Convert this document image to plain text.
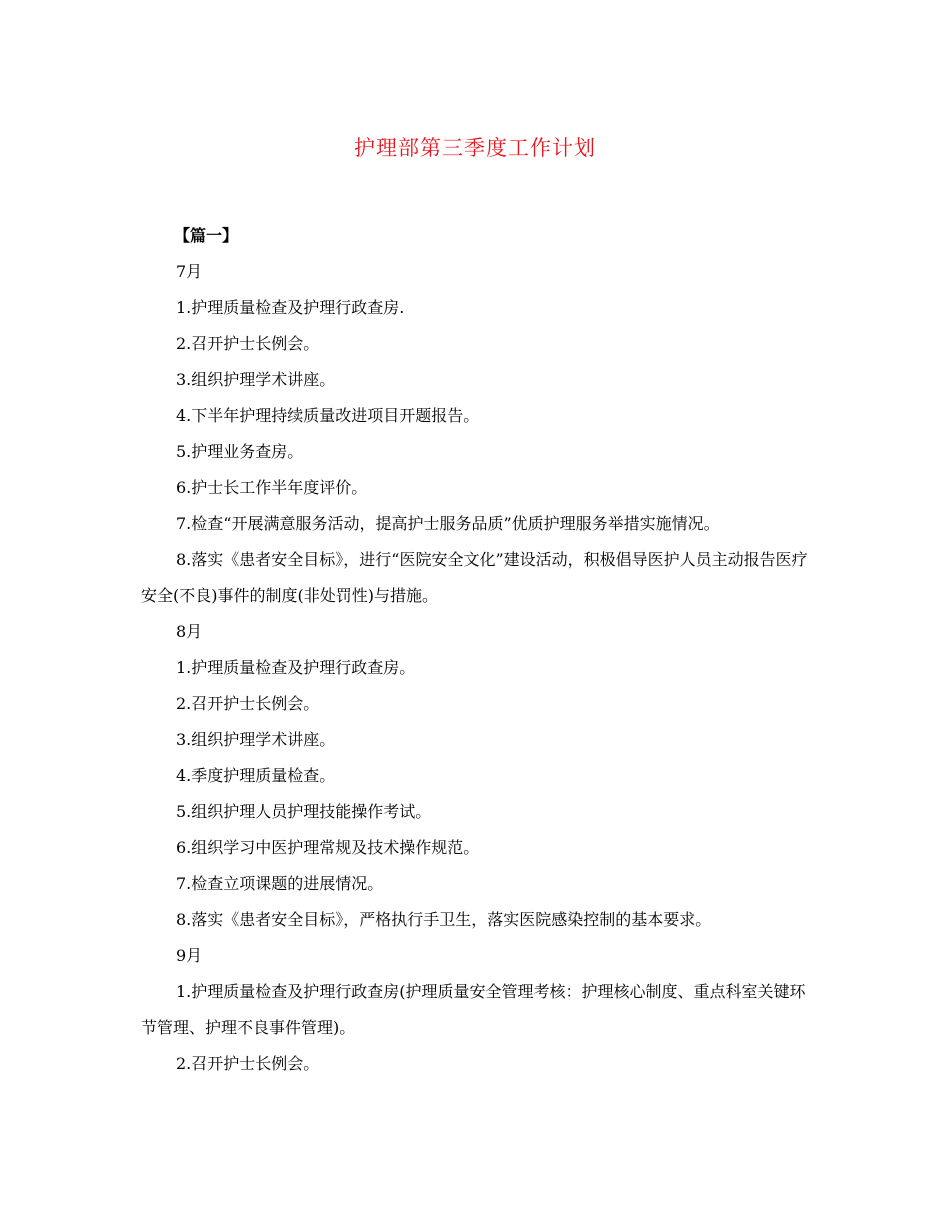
护理部第三季度工作计划

【篇一】

7月

1.护理质量检查及护理行政查房.

2.召开护士长例会。

3.组织护理学术讲座。

4.下半年护理持续质量改进项目开题报告。

5.护理业务查房。

6.护士长工作半年度评价。

7.检查“开展满意服务活动，提高护士服务品质”优质护理服务举措实施情况。

8.落实《患者安全目标》，进行“医院安全文化”建设活动，积极倡导医护人员主动报告医疗安全(不良)事件的制度(非处罚性)与措施。

8月

1.护理质量检查及护理行政查房。

2.召开护士长例会。

3.组织护理学术讲座。

4.季度护理质量检查。

5.组织护理人员护理技能操作考试。

6.组织学习中医护理常规及技术操作规范。

7.检查立项课题的进展情况。

8.落实《患者安全目标》，严格执行手卫生，落实医院感染控制的基本要求。

9月

1.护理质量检查及护理行政查房(护理质量安全管理考核：护理核心制度、重点科室关键环节管理、护理不良事件管理)。

2.召开护士长例会。
